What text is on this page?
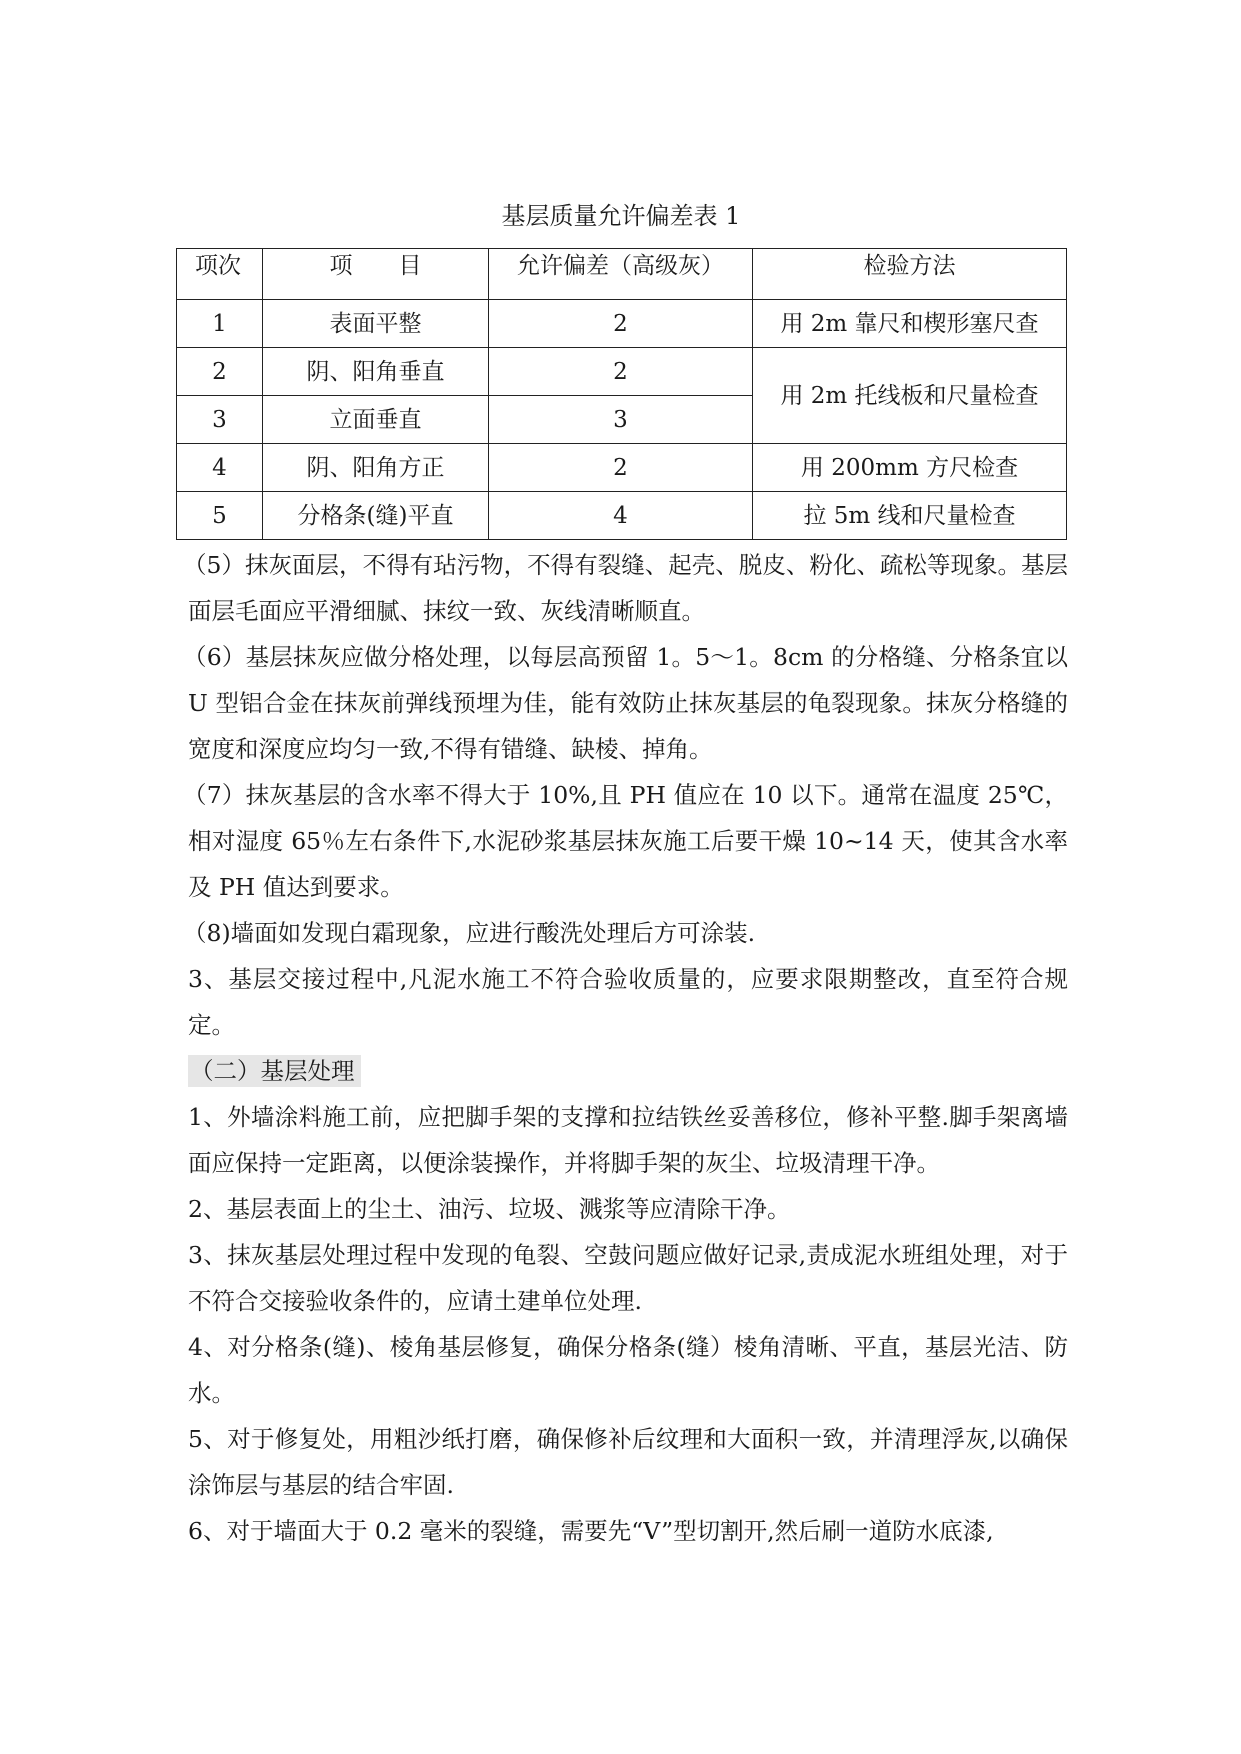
基层质量允许偏差表 1
项次	项　　目	允许偏差（高级灰）	检验方法
1	表面平整	2	用 2m 靠尺和楔形塞尺查
2	阴、阳角垂直	2	用 2m 托线板和尺量检查
3	立面垂直	3	
4	阴、阳角方正	2	用 200mm 方尺检查
5	分格条(缝)平直	4	拉 5m 线和尺量检查

（5）抹灰面层，不得有玷污物，不得有裂缝、起壳、脱皮、粉化、疏松等现象。基层面层毛面应平滑细腻、抹纹一致、灰线清晰顺直。

（6）基层抹灰应做分格处理，以每层高预留 1。5～1。8cm 的分格缝、分格条宜以 U 型铝合金在抹灰前弹线预埋为佳，能有效防止抹灰基层的龟裂现象。抹灰分格缝的宽度和深度应均匀一致,不得有错缝、缺棱、掉角。

（7）抹灰基层的含水率不得大于 10%,且 PH 值应在 10 以下。通常在温度 25℃，相对湿度 65％左右条件下,水泥砂浆基层抹灰施工后要干燥 10~14 天，使其含水率及 PH 值达到要求。

（8)墙面如发现白霜现象，应进行酸洗处理后方可涂装.

3、基层交接过程中,凡泥水施工不符合验收质量的，应要求限期整改，直至符合规定。

（二）基层处理

1、外墙涂料施工前，应把脚手架的支撑和拉结铁丝妥善移位，修补平整.脚手架离墙面应保持一定距离，以便涂装操作，并将脚手架的灰尘、垃圾清理干净。

2、基层表面上的尘土、油污、垃圾、溅浆等应清除干净。

3、抹灰基层处理过程中发现的龟裂、空鼓问题应做好记录,责成泥水班组处理，对于不符合交接验收条件的，应请土建单位处理.

4、对分格条(缝)、棱角基层修复，确保分格条(缝）棱角清晰、平直，基层光洁、防水。

5、对于修复处，用粗沙纸打磨，确保修补后纹理和大面积一致，并清理浮灰,以确保涂饰层与基层的结合牢固.

6、对于墙面大于 0.2 毫米的裂缝，需要先“V”型切割开,然后刷一道防水底漆,
